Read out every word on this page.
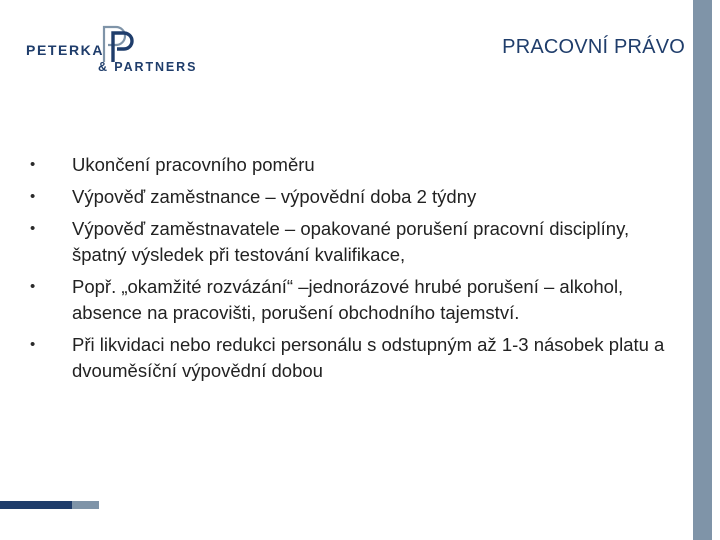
PETERKA
& PARTNERS
PRACOVNÍ PRÁVO
•	Ukončení pracovního poměru
•	Výpověď zaměstnance – výpovědní doba 2 týdny
•	Výpověď zaměstnavatele – opakované porušení pracovní disciplíny, špatný výsledek při testování kvalifikace,
•	Popř. „okamžité rozvázání“ –jednorázové hrubé porušení – alkohol, absence na pracovišti, porušení obchodního tajemství.
•	Při likvidaci nebo redukci personálu s odstupným až 1-3 násobek platu a dvouměsíční výpovědní dobou
